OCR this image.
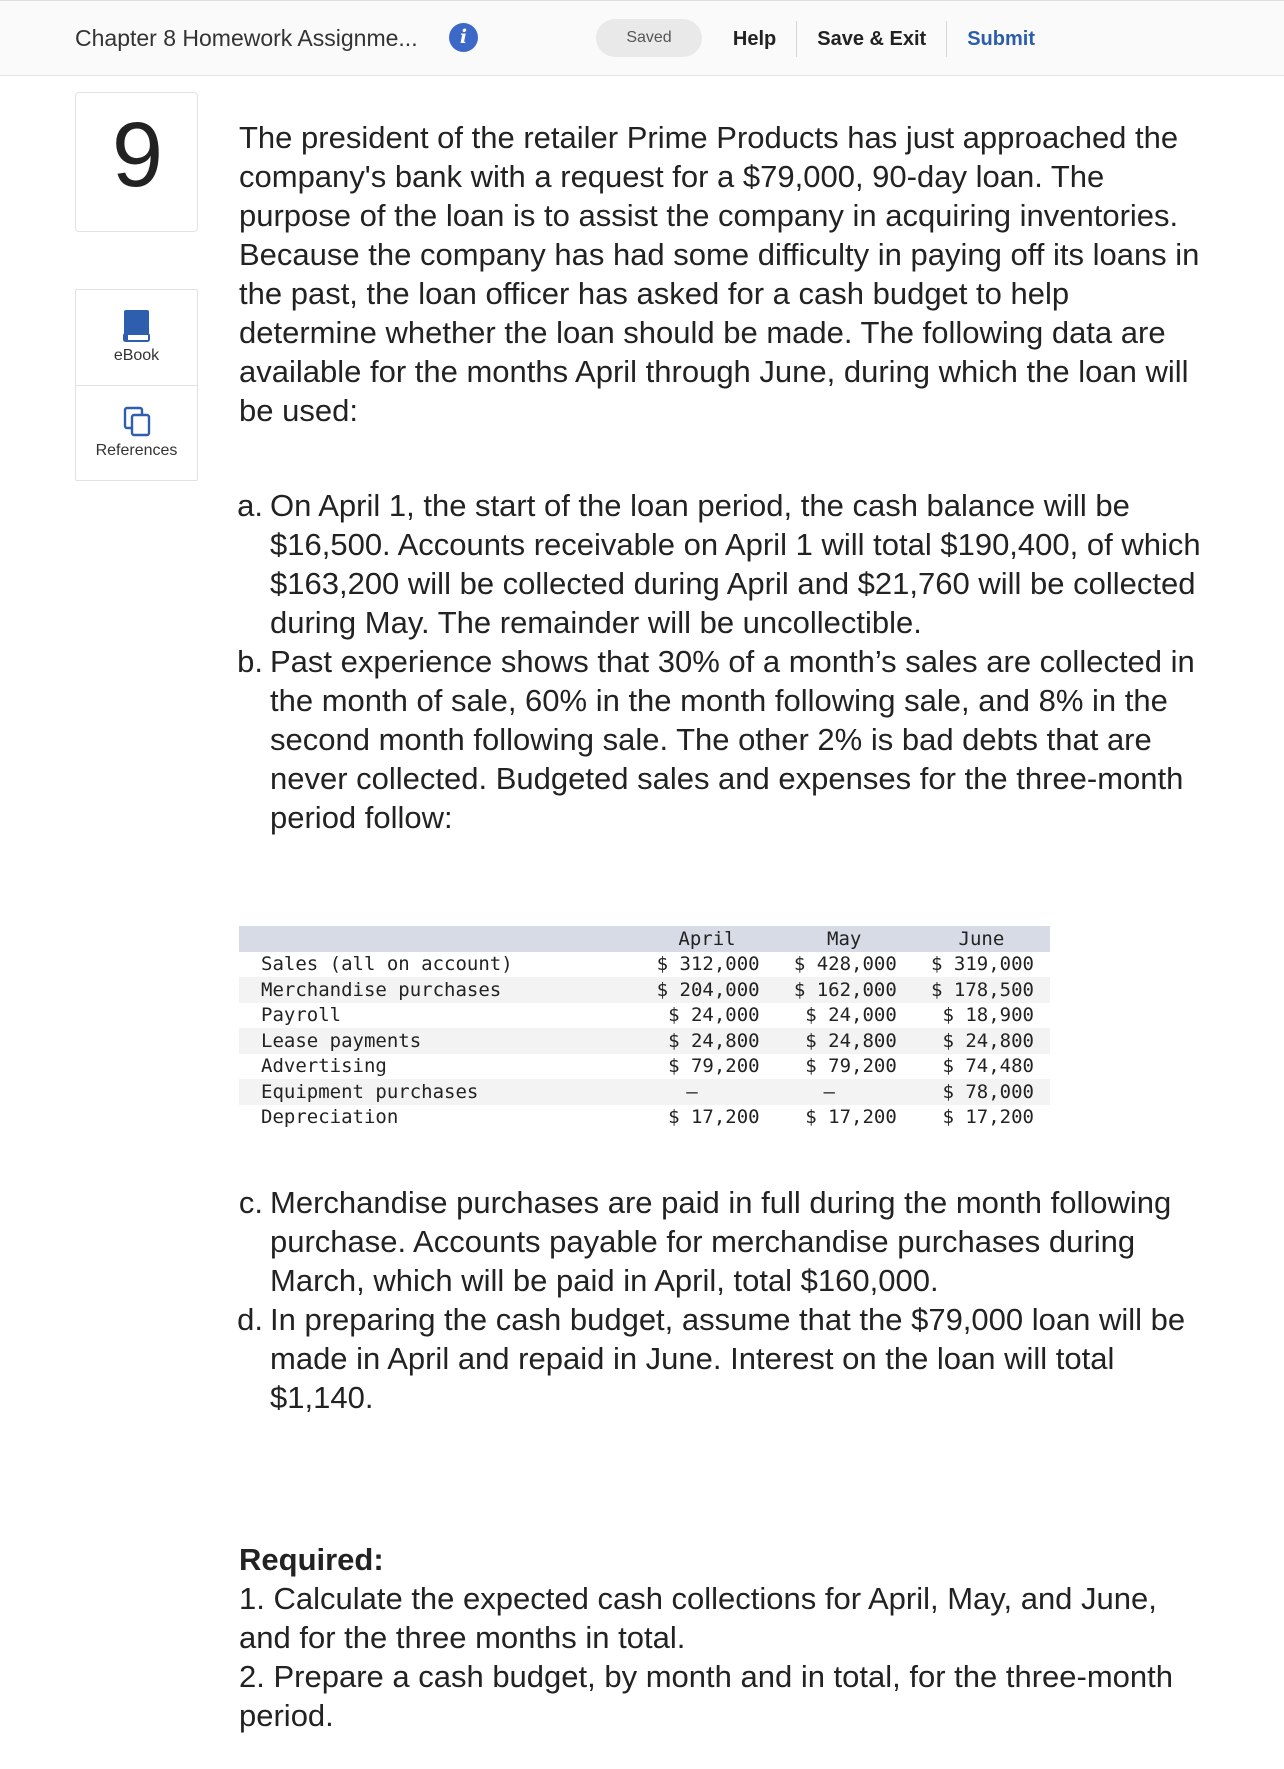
Chapter 8 Homework Assignme...	i	Saved	Help	Save & Exit	Submit
9
eBook
References

The president of the retailer Prime Products has just approached the company's bank with a request for a $79,000, 90-day loan. The purpose of the loan is to assist the company in acquiring inventories. Because the company has had some difficulty in paying off its loans in the past, the loan officer has asked for a cash budget to help determine whether the loan should be made. The following data are available for the months April through June, during which the loan will be used:

a. On April 1, the start of the loan period, the cash balance will be $16,500. Accounts receivable on April 1 will total $190,400, of which $163,200 will be collected during April and $21,760 will be collected during May. The remainder will be uncollectible.
b. Past experience shows that 30% of a month’s sales are collected in the month of sale, 60% in the month following sale, and 8% in the second month following sale. The other 2% is bad debts that are never collected. Budgeted sales and expenses for the three-month period follow:
	April	May	June
Sales (all on account)	$ 312,000	$ 428,000	$ 319,000
Merchandise purchases	$ 204,000	$ 162,000	$ 178,500
Payroll	$ 24,000	$ 24,000	$ 18,900
Lease payments	$ 24,800	$ 24,800	$ 24,800
Advertising	$ 79,200	$ 79,200	$ 74,480
Equipment purchases	–	–	$ 78,000
Depreciation	$ 17,200	$ 17,200	$ 17,200
c. Merchandise purchases are paid in full during the month following purchase. Accounts payable for merchandise purchases during March, which will be paid in April, total $160,000.
d. In preparing the cash budget, assume that the $79,000 loan will be made in April and repaid in June. Interest on the loan will total $1,140.
Required:
1. Calculate the expected cash collections for April, May, and June, and for the three months in total.
2. Prepare a cash budget, by month and in total, for the three-month period.
